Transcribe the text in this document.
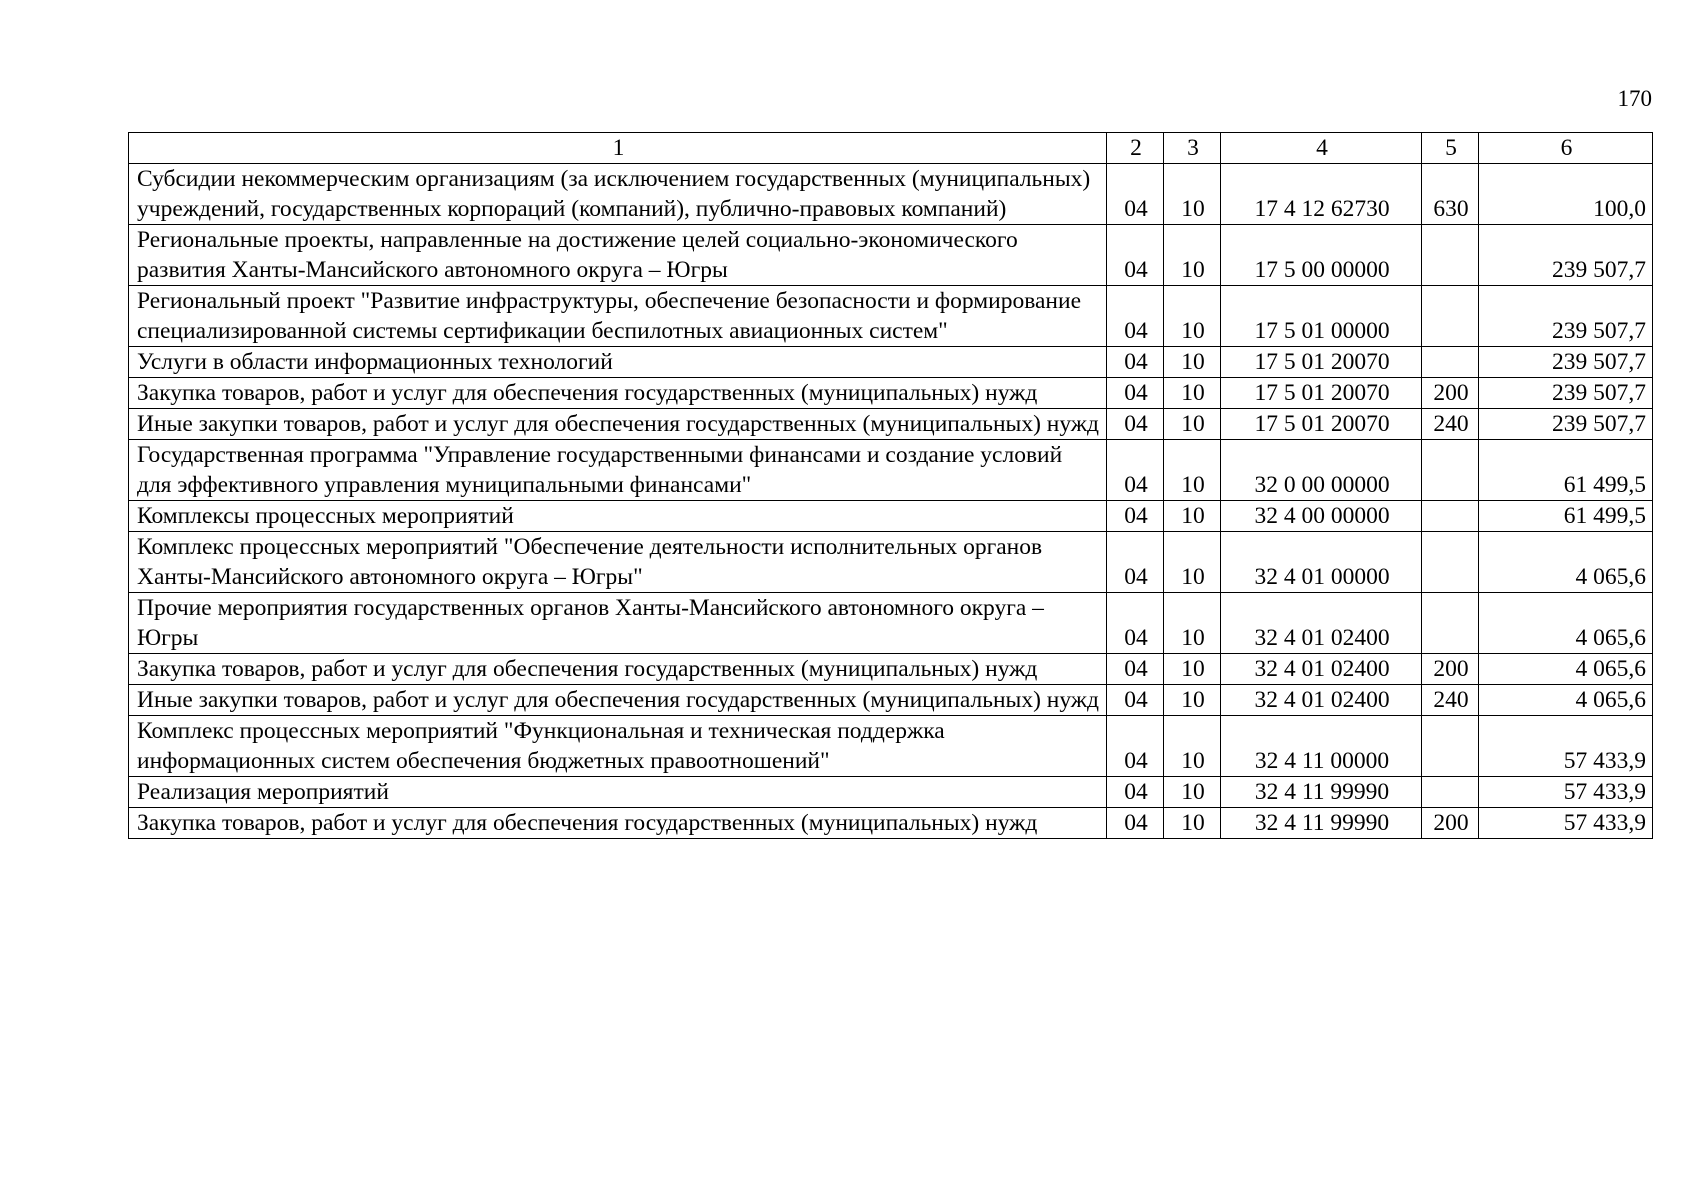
170
1	2	3	4	5	6
Субсидии некоммерческим организациям (за исключением государственных (муниципальных) учреждений, государственных корпораций (компаний), публично-правовых компаний)	04	10	17 4 12 62730	630	100,0
Региональные проекты, направленные на достижение целей социально-экономического развития Ханты-Мансийского автономного округа – Югры	04	10	17 5 00 00000		239 507,7
Региональный проект "Развитие инфраструктуры, обеспечение безопасности и формирование специализированной системы сертификации беспилотных авиационных систем"	04	10	17 5 01 00000		239 507,7
Услуги в области информационных технологий	04	10	17 5 01 20070		239 507,7
Закупка товаров, работ и услуг для обеспечения государственных (муниципальных) нужд	04	10	17 5 01 20070	200	239 507,7
Иные закупки товаров, работ и услуг для обеспечения государственных (муниципальных) нужд	04	10	17 5 01 20070	240	239 507,7
Государственная программа "Управление государственными финансами и создание условий для эффективного управления муниципальными финансами"	04	10	32 0 00 00000		61 499,5
Комплексы процессных мероприятий	04	10	32 4 00 00000		61 499,5
Комплекс процессных мероприятий "Обеспечение деятельности исполнительных органов Ханты-Мансийского автономного округа – Югры"	04	10	32 4 01 00000		4 065,6
Прочие мероприятия государственных органов Ханты-Мансийского автономного округа – Югры	04	10	32 4 01 02400		4 065,6
Закупка товаров, работ и услуг для обеспечения государственных (муниципальных) нужд	04	10	32 4 01 02400	200	4 065,6
Иные закупки товаров, работ и услуг для обеспечения государственных (муниципальных) нужд	04	10	32 4 01 02400	240	4 065,6
Комплекс процессных мероприятий "Функциональная и техническая поддержка информационных систем обеспечения бюджетных правоотношений"	04	10	32 4 11 00000		57 433,9
Реализация мероприятий	04	10	32 4 11 99990		57 433,9
Закупка товаров, работ и услуг для обеспечения государственных (муниципальных) нужд	04	10	32 4 11 99990	200	57 433,9
